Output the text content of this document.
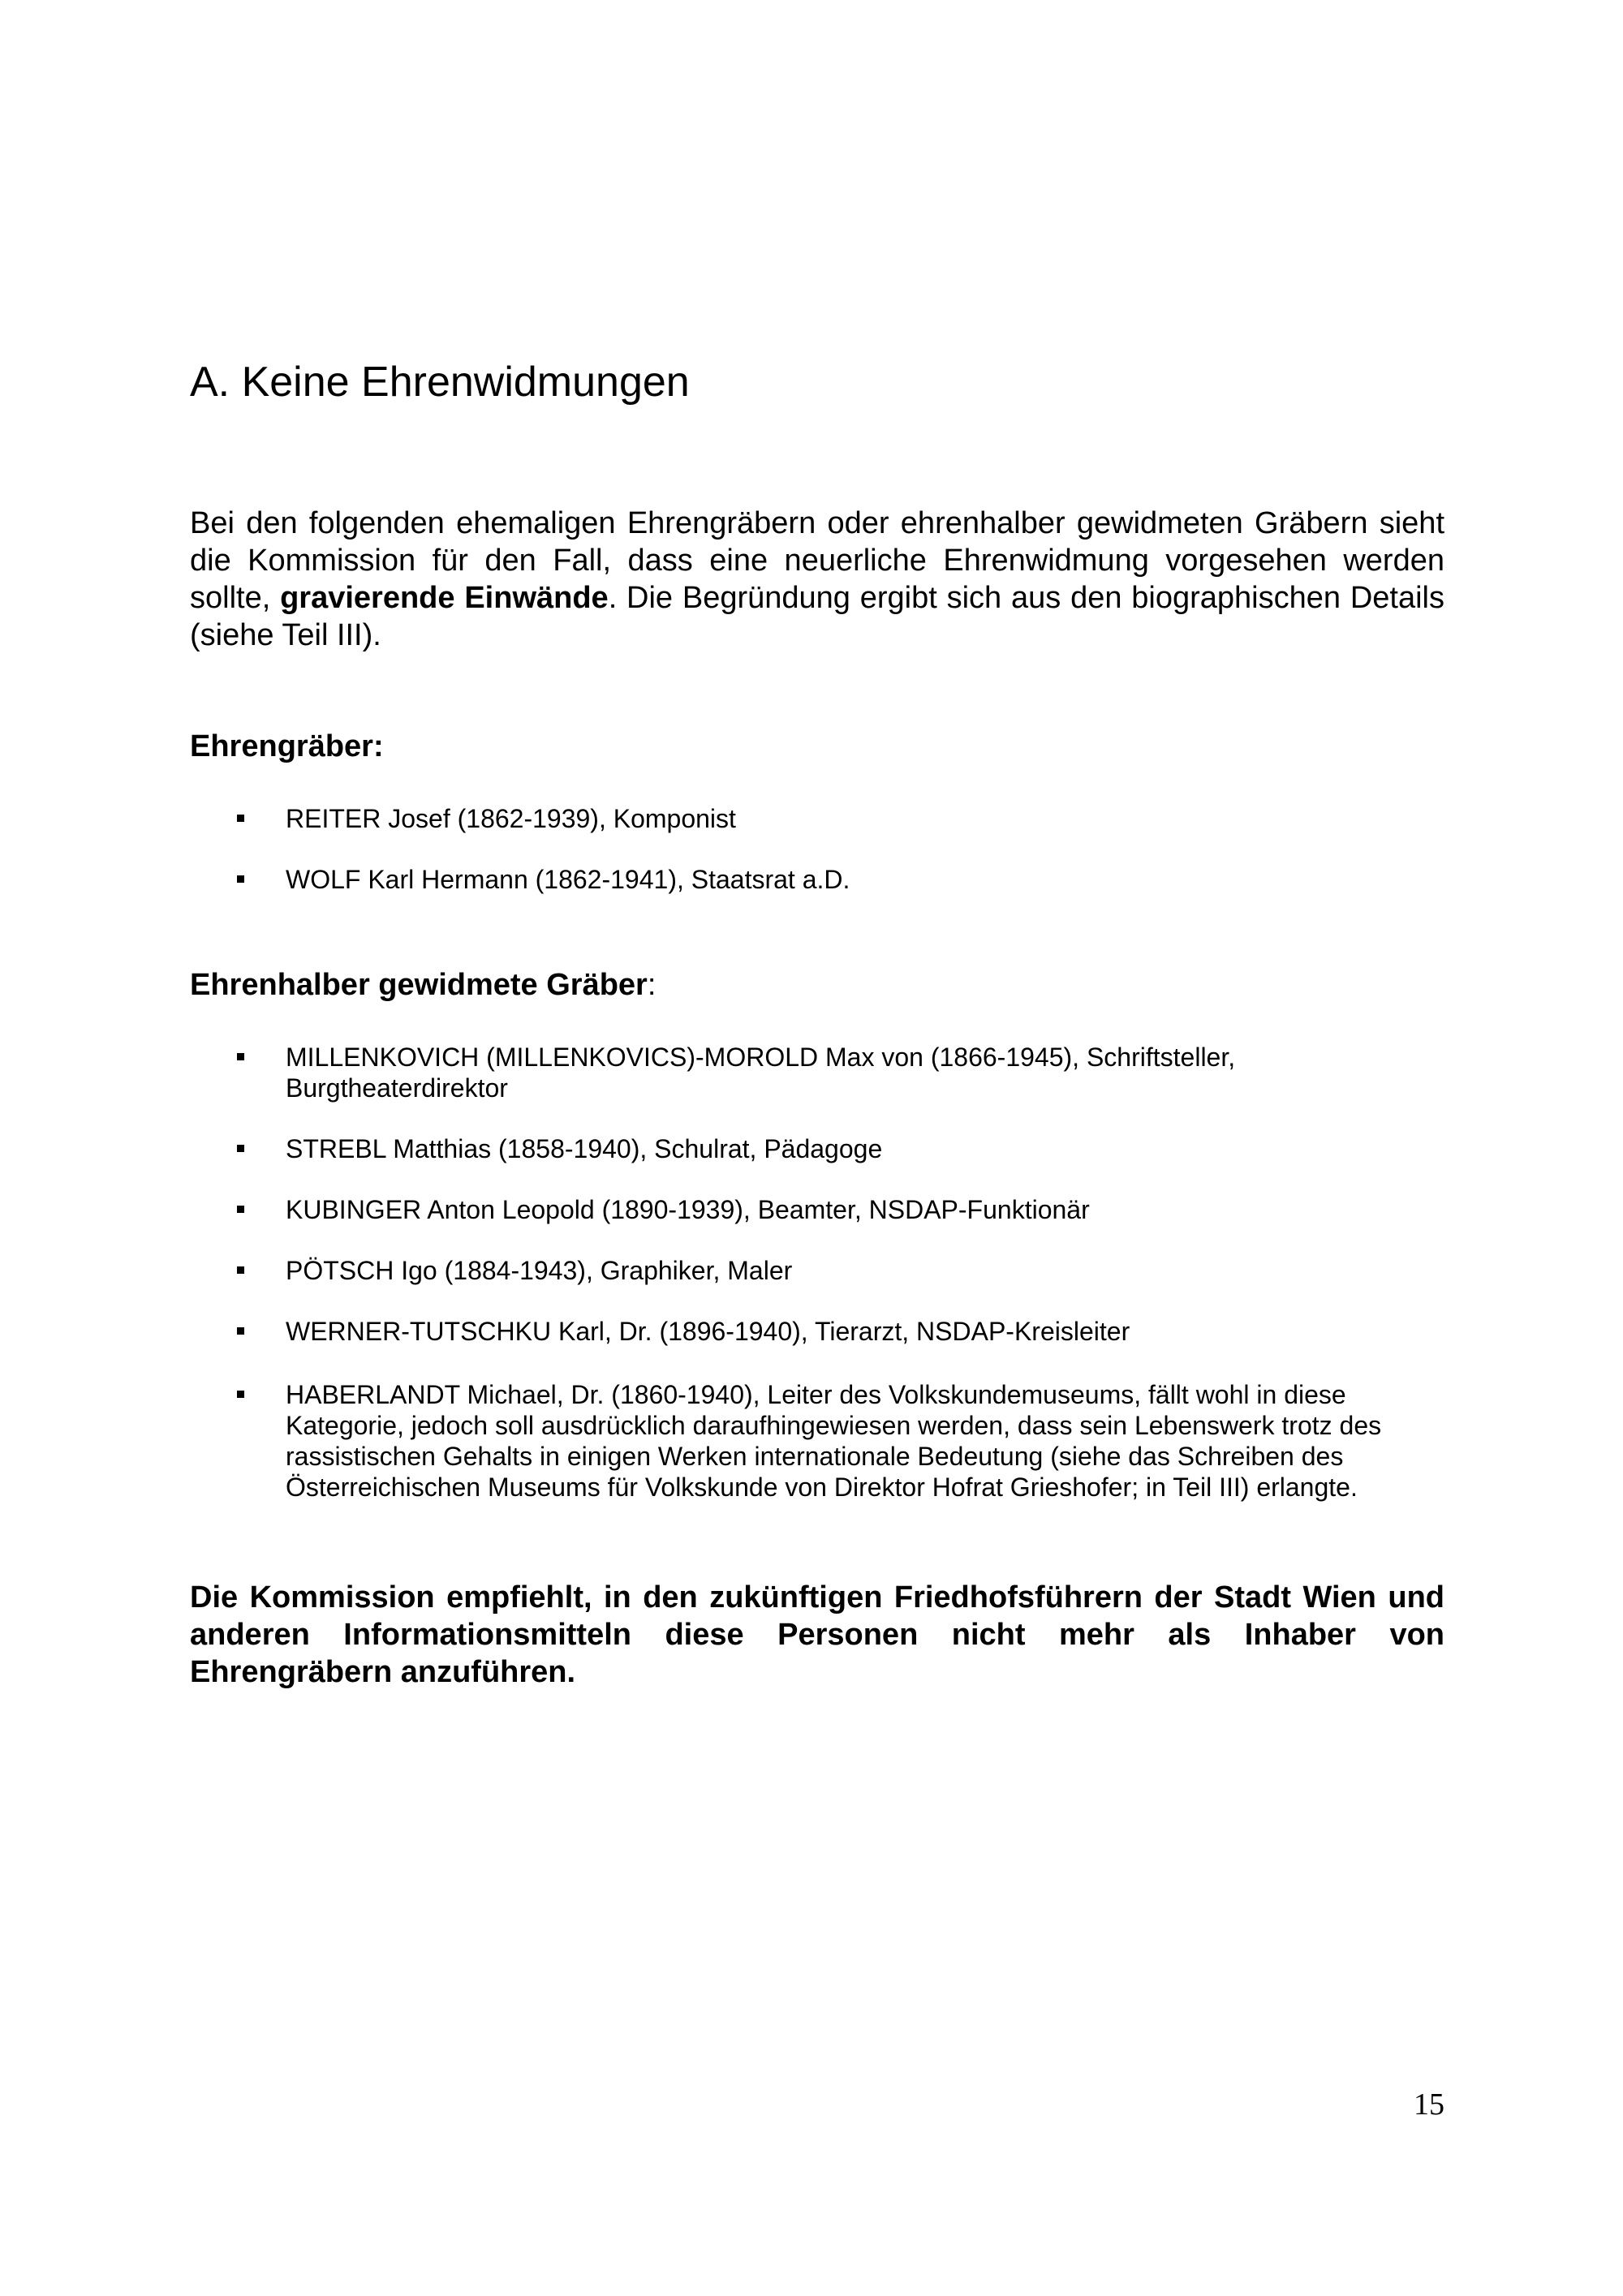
A. Keine Ehrenwidmungen

Bei den folgenden ehemaligen Ehrengräbern oder ehrenhalber gewidmeten Gräbern sieht die Kommission für den Fall, dass eine neuerliche Ehrenwidmung vorgesehen werden sollte, gravierende Einwände. Die Begründung ergibt sich aus den biographischen Details (siehe Teil III).

Ehrengräber:
REITER Josef (1862-1939), Komponist
WOLF Karl Hermann (1862-1941), Staatsrat a.D.
Ehrenhalber gewidmete Gräber:
MILLENKOVICH (MILLENKOVICS)-MOROLD Max von (1866-1945), Schriftsteller, Burgtheaterdirektor
STREBL Matthias (1858-1940), Schulrat, Pädagoge
KUBINGER Anton Leopold (1890-1939), Beamter, NSDAP-Funktionär
PÖTSCH Igo (1884-1943), Graphiker, Maler
WERNER-TUTSCHKU Karl, Dr. (1896-1940), Tierarzt, NSDAP-Kreisleiter
HABERLANDT Michael, Dr. (1860-1940), Leiter des Volkskundemuseums, fällt wohl in diese Kategorie, jedoch soll ausdrücklich daraufhingewiesen werden, dass sein Lebenswerk trotz des rassistischen Gehalts in einigen Werken internationale Bedeutung (siehe das Schreiben des Österreichischen Museums für Volkskunde von Direktor Hofrat Grieshofer; in Teil III) erlangte.

Die Kommission empfiehlt, in den zukünftigen Friedhofsführern der Stadt Wien und anderen Informationsmitteln diese Personen nicht mehr als Inhaber von Ehrengräbern anzuführen.

15
